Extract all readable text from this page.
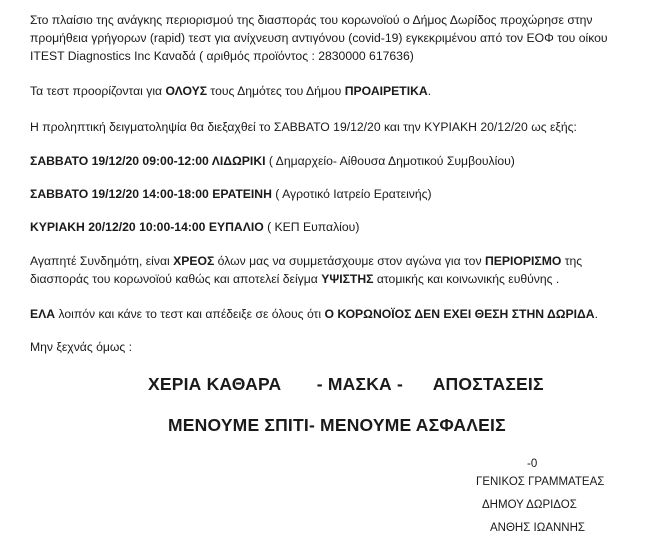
Στο πλαίσιο της ανάγκης περιορισμού της διασποράς του κορωνοϊού ο Δήμος Δωρίδος προχώρησε στην
προμήθεια γρήγορων (rapid) τεστ για ανίχνευση αντιγόνου (covid-19) εγκεκριμένου από τον ΕΟΦ του οίκου
ITEST Diagnostics Inc Καναδά ( αριθμός προϊόντος : 2830000 617636)
Τα τεστ προορίζονται για ΟΛΟΥΣ τους Δημότες του Δήμου ΠΡΟΑΙΡΕΤΙΚΑ.
Η προληπτική δειγματοληψία θα διεξαχθεί το ΣΑΒΒΑΤΟ 19/12/20 και την ΚΥΡΙΑΚΗ 20/12/20 ως εξής:
ΣΑΒΒΑΤΟ 19/12/20 09:00-12:00 ΛΙΔΩΡΙΚΙ ( Δημαρχείο- Αίθουσα Δημοτικού Συμβουλίου)
ΣΑΒΒΑΤΟ 19/12/20 14:00-18:00 ΕΡΑΤΕΙΝΗ ( Αγροτικό Ιατρείο Ερατεινής)
ΚΥΡΙΑΚΗ 20/12/20 10:00-14:00 ΕΥΠΑΛΙΟ ( ΚΕΠ Ευπαλίου)
Αγαπητέ Συνδημότη, είναι ΧΡΕΟΣ όλων μας να συμμετάσχουμε στον αγώνα για τον ΠΕΡΙΟΡΙΣΜΟ της
διασποράς του κορωνοϊού καθώς και αποτελεί δείγμα ΥΨΙΣΤΗΣ ατομικής και κοινωνικής ευθύνης .
ΕΛΑ λοιπόν και κάνε το τεστ και απέδειξε σε όλους ότι Ο ΚΟΡΩΝΟΪΟΣ ΔΕΝ ΕΧΕΙ ΘΕΣΗ ΣΤΗΝ ΔΩΡΙΔΑ.
Μην ξεχνάς όμως :
ΧΕΡΙΑ ΚΑΘΑΡΑ       - ΜΑΣΚΑ -      ΑΠΟΣΤΑΣΕΙΣ
ΜΕΝΟΥΜΕ ΣΠΙΤΙ- ΜΕΝΟΥΜΕ ΑΣΦΑΛΕΙΣ
-0
ΓΕΝΙΚΟΣ ΓΡΑΜΜΑΤΕΑΣ
ΔΗΜΟΥ ΔΩΡΙΔΟΣ
ΑΝΘΗΣ ΙΩΑΝΝΗΣ
